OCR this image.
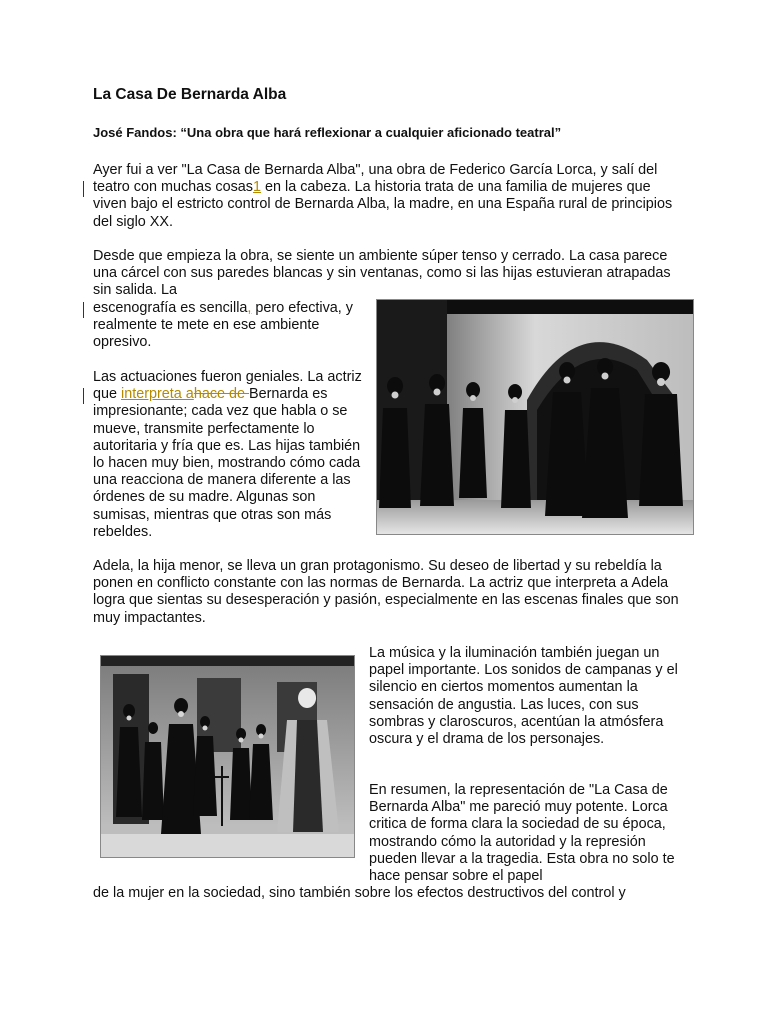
La Casa De Bernarda Alba
José Fandos: “Una obra que hará reflexionar a cualquier aficionado teatral”

Ayer fui a ver "La Casa de Bernarda Alba", una obra de Federico García Lorca, y salí del teatro con muchas cosas1 en la cabeza. La historia trata de una familia de mujeres que viven bajo el estricto control de Bernarda Alba, la madre, en una España rural de principios del siglo XX.

Desde que empieza la obra, se siente un ambiente súper tenso y cerrado. La casa parece una cárcel con sus paredes blancas y sin ventanas, como si las hijas estuvieran atrapadas sin salida. La

escenografía es sencilla, pero efectiva, y realmente te mete en ese ambiente opresivo.

Las actuaciones fueron geniales. La actriz que interpreta ahace de Bernarda es impresionante; cada vez que habla o se mueve, transmite perfectamente lo autoritaria y fría que es. Las hijas también lo hacen muy bien, mostrando cómo cada una reacciona de manera diferente a las órdenes de su madre. Algunas son sumisas, mientras que otras son más rebeldes.

Adela, la hija menor, se lleva un gran protagonismo. Su deseo de libertad y su rebeldía la ponen en conflicto constante con las normas de Bernarda. La actriz que interpreta a Adela logra que sientas su desesperación y pasión, especialmente en las escenas finales que son muy impactantes.

La música y la iluminación también juegan un papel importante. Los sonidos de campanas y el silencio en ciertos momentos aumentan la sensación de angustia. Las luces, con sus sombras y claroscuros, acentúan la atmósfera oscura y el drama de los personajes.

En resumen, la representación de "La Casa de Bernarda Alba" me pareció muy potente. Lorca critica de forma clara la sociedad de su época, mostrando cómo la autoridad y la represión pueden llevar a la tragedia. Esta obra no solo te hace pensar sobre el papel

de la mujer en la sociedad, sino también sobre los efectos destructivos del control y
